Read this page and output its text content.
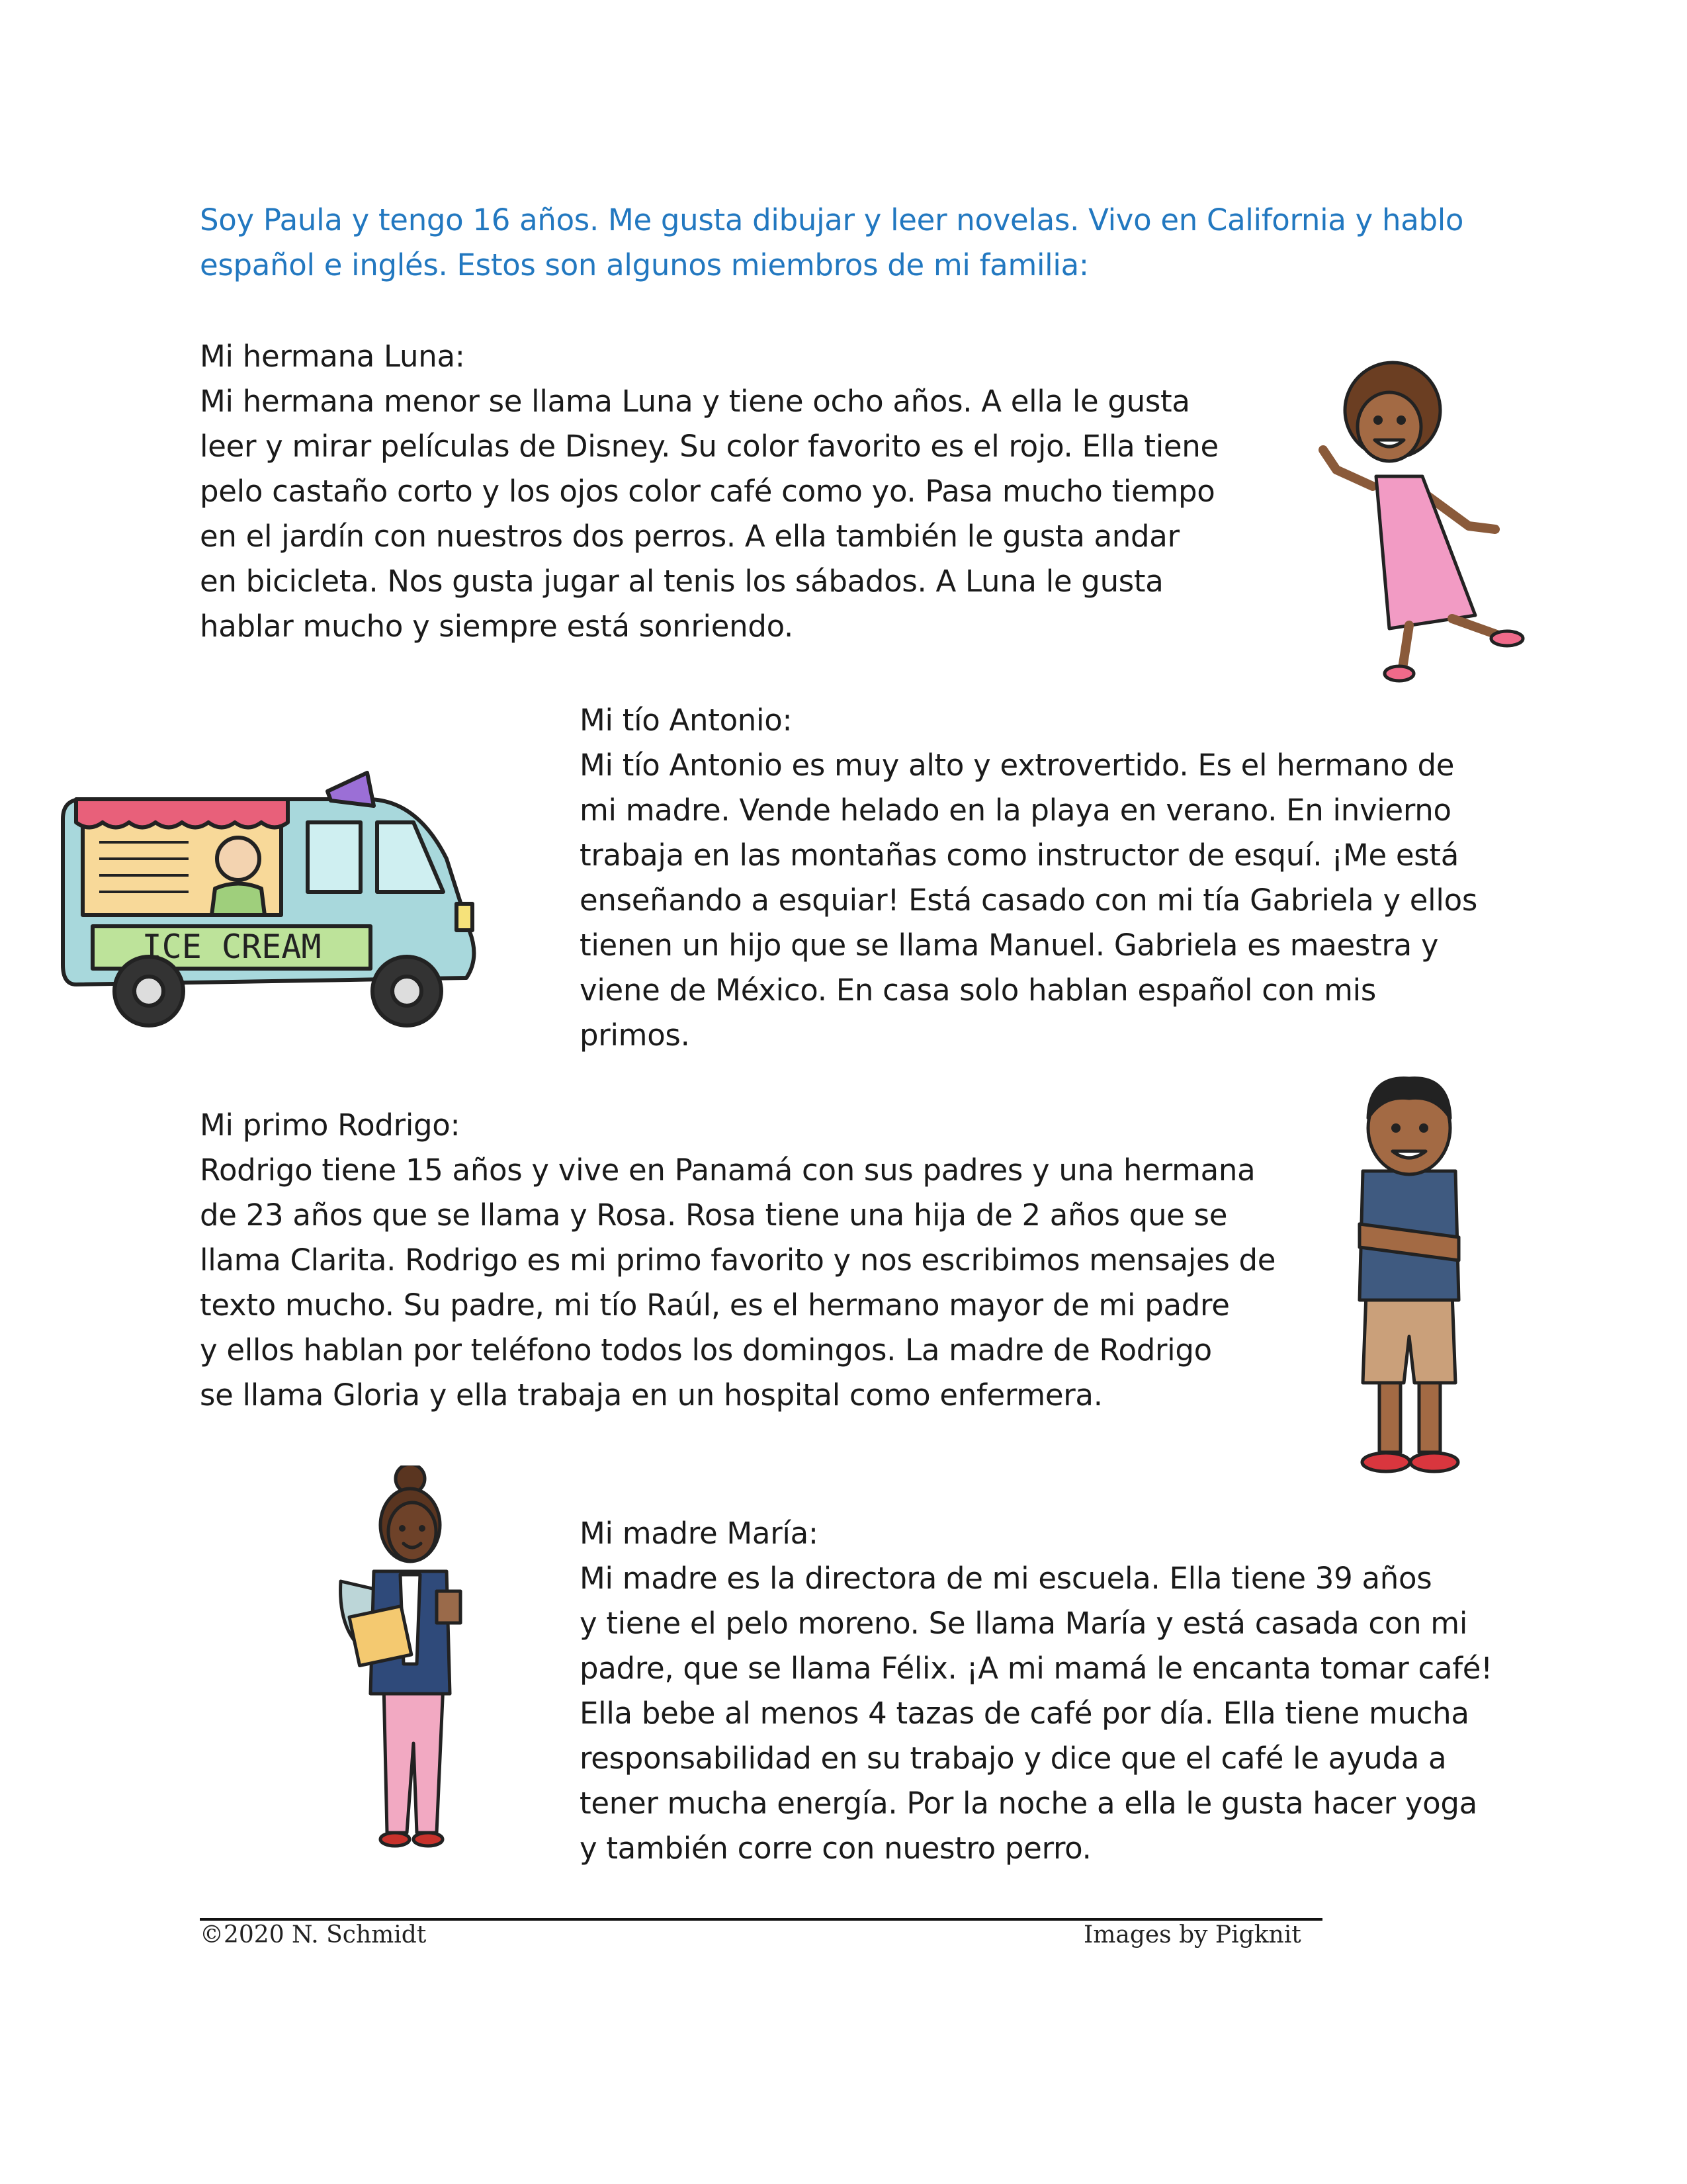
Soy Paula y tengo 16 años. Me gusta dibujar y leer novelas. Vivo en California y hablo
español e inglés. Estos son algunos miembros de mi familia:
Mi hermana Luna:
Mi hermana menor se llama Luna y tiene ocho años. A ella le gusta
leer y mirar películas de Disney. Su color favorito es el rojo. Ella tiene
pelo castaño corto y los ojos color café como yo. Pasa mucho tiempo
en el jardín con nuestros dos perros. A ella también le gusta andar
en bicicleta. Nos gusta jugar al tenis los sábados. A Luna le gusta
hablar mucho y siempre está sonriendo.
Mi tío Antonio:
Mi tío Antonio es muy alto y extrovertido. Es el hermano de
mi madre. Vende helado en la playa en verano. En invierno
trabaja en las montañas como instructor de esquí. ¡Me está
enseñando a esquiar! Está casado con mi tía Gabriela y ellos
tienen un hijo que se llama Manuel. Gabriela es maestra y
viene de México. En casa solo hablan español con mis
primos.
Mi primo Rodrigo:
Rodrigo tiene 15 años y vive en Panamá con sus padres y una hermana
de 23 años que se llama y Rosa. Rosa tiene una hija de 2 años que se
llama Clarita. Rodrigo es mi primo favorito y nos escribimos mensajes de
texto mucho. Su padre, mi tío Raúl, es el hermano mayor de mi padre
y ellos hablan por teléfono todos los domingos. La madre de Rodrigo
se llama Gloria y ella trabaja en un hospital como enfermera.
Mi madre María:
Mi madre es la directora de mi escuela. Ella tiene 39 años
y tiene el pelo moreno. Se llama María y está casada con mi
padre, que se llama Félix. ¡A mi mamá le encanta tomar café!
Ella bebe al menos 4 tazas de café por día. Ella tiene mucha
responsabilidad en su trabajo y dice que el café le ayuda a
tener mucha energía. Por la noche a ella le gusta hacer yoga
y también corre con nuestro perro.
ICE CREAM
©2020 N. Schmidt	Images by Pigknit
